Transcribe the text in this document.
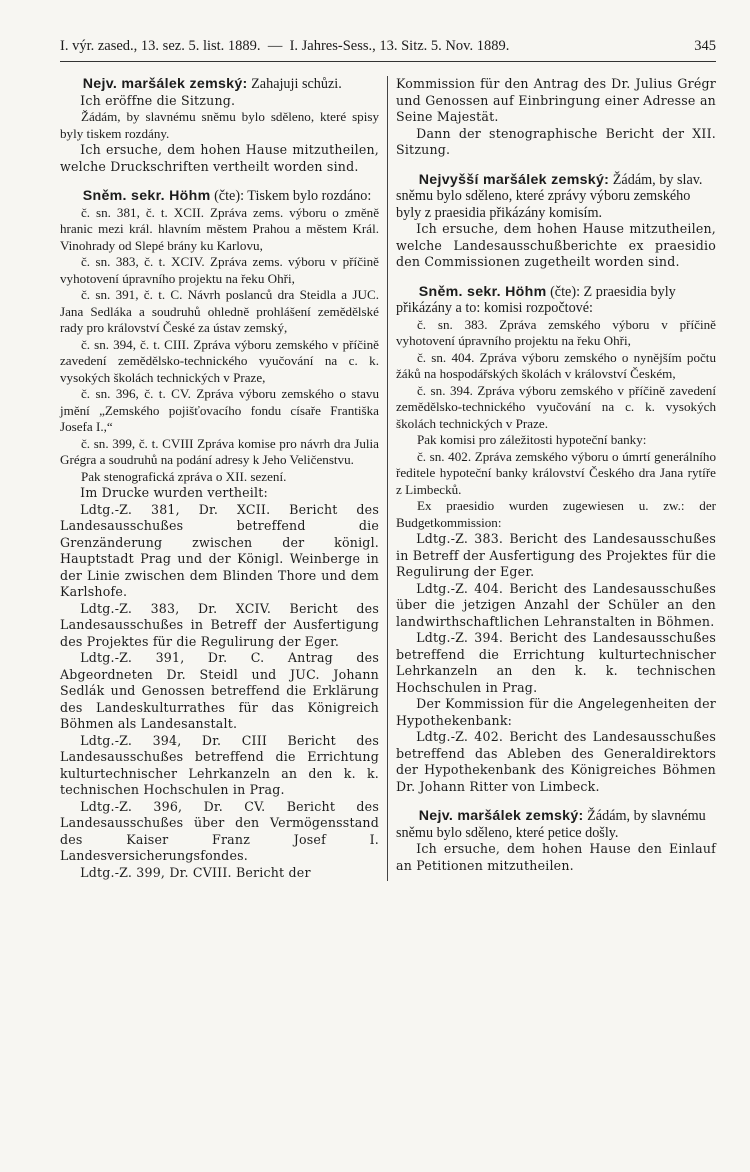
I. výr. zased., 13. sez. 5. list. 1889. — I. Jahres-Sess., 13. Sitz. 5. Nov. 1889.	345

Nejv. maršálek zemský: Zahajuji schůzi.

Ich eröffne die Sitzung.

Žádám, by slavnému sněmu bylo sděleno, které spisy byly tiskem rozdány.

Ich ersuche, dem hohen Hause mitzutheilen, welche Druckschriften vertheilt worden sind.

Sněm. sekr. Höhm (čte): Tiskem bylo rozdáno:

č. sn. 381, č. t. XCII. Zpráva zems. výboru o změně hranic mezi král. hlavním městem Prahou a městem Král. Vinohrady od Slepé brány ku Karlovu,

č. sn. 383, č. t. XCIV. Zpráva zems. výboru v příčině vyhotovení úpravního projektu na řeku Ohři,

č. sn. 391, č. t. C. Návrh poslanců dra Steidla a JUC. Jana Sedláka a soudruhů ohledně prohlášení zemědělské rady pro království České za ústav zemský,

č. sn. 394, č. t. CIII. Zpráva výboru zemského v příčině zavedení zemědělsko-technického vyučování na c. k. vysokých školách technických v Praze,

č. sn. 396, č. t. CV. Zpráva výboru zemského o stavu jmění „Zemského pojišťovacího fondu císaře Františka Josefa I.,“

č. sn. 399, č. t. CVIII Zpráva komise pro návrh dra Julia Grégra a soudruhů na podání adresy k Jeho Veličenstvu.

Pak stenografická zpráva o XII. sezení.

Im Drucke wurden vertheilt:

Ldtg.-Z. 381, Dr. XCII. Bericht des Landesausschußes betreffend die Grenzänderung zwischen der königl. Hauptstadt Prag und der Königl. Weinberge in der Linie zwischen dem Blinden Thore und dem Karlshofe.

Ldtg.-Z. 383, Dr. XCIV. Bericht des Landesausschußes in Betreff der Ausfertigung des Projektes für die Regulirung der Eger.

Ldtg.-Z. 391, Dr. C. Antrag des Abgeordneten Dr. Steidl und JUC. Johann Sedlák und Genossen betreffend die Erklärung des Landeskulturrathes für das Königreich Böhmen als Landesanstalt.

Ldtg.-Z. 394, Dr. CIII Bericht des Landesausschußes betreffend die Errichtung kulturtechnischer Lehrkanzeln an den k. k. technischen Hochschulen in Prag.

Ldtg.-Z. 396, Dr. CV. Bericht des Landesausschußes über den Vermögensstand des Kaiser Franz Josef I. Landesversicherungsfondes.

Ldtg.-Z. 399, Dr. CVIII. Bericht der

Kommission für den Antrag des Dr. Julius Grégr und Genossen auf Einbringung einer Adresse an Seine Majestät.

Dann der stenographische Bericht der XII. Sitzung.

Nejvyšší maršálek zemský: Žádám, by slav. sněmu bylo sděleno, které zprávy výboru zemského byly z praesidia přikázány komisím.

Ich ersuche, dem hohen Hause mitzutheilen, welche Landesausschußberichte ex praesidio den Commissionen zugetheilt worden sind.

Sněm. sekr. Höhm (čte): Z praesidia byly přikázány a to: komisi rozpočtové:

č. sn. 383. Zpráva zemského výboru v příčině vyhotovení úpravního projektu na řeku Ohři,

č. sn. 404. Zpráva výboru zemského o nynějším počtu žáků na hospodářských školách v království Českém,

č. sn. 394. Zpráva výboru zemského v příčině zavedení zemědělsko-technického vyučování na c. k. vysokých školách technických v Praze.

Pak komisi pro záležitosti hypoteční banky:

č. sn. 402. Zpráva zemského výboru o úmrtí generálního ředitele hypoteční banky království Českého dra Jana rytíře z Limbecků.

Ex praesidio wurden zugewiesen u. zw.: der Budgetkommission:

Ldtg.-Z. 383. Bericht des Landesausschußes in Betreff der Ausfertigung des Projektes für die Regulirung der Eger.

Ldtg.-Z. 404. Bericht des Landesausschußes über die jetzigen Anzahl der Schüler an den landwirthschaftlichen Lehranstalten in Böhmen.

Ldtg.-Z. 394. Bericht des Landesausschußes betreffend die Errichtung kulturtechnischer Lehrkanzeln an den k. k. technischen Hochschulen in Prag.

Der Kommission für die Angelegenheiten der Hypothekenbank:

Ldtg.-Z. 402. Bericht des Landesausschußes betreffend das Ableben des Generaldirektors der Hypothekenbank des Königreiches Böhmen Dr. Johann Ritter von Limbeck.

Nejv. maršálek zemský: Žádám, by slavnému sněmu bylo sděleno, které petice došly.

Ich ersuche, dem hohen Hause den Einlauf an Petitionen mitzutheilen.
